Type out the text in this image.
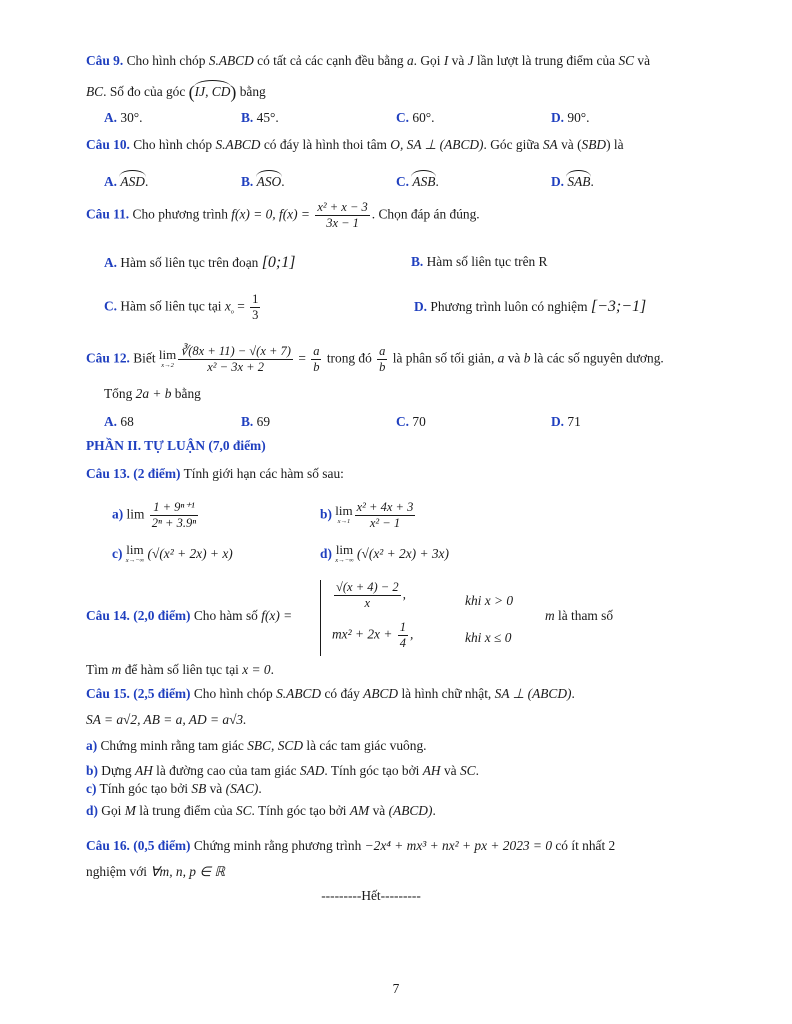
Câu 9. Cho hình chóp S.ABCD có tất cả các cạnh đều bằng a. Gọi I và J lần lượt là trung điểm của SC và
BC. Số đo của góc (IJ, CD) bằng
A. 30°.	B. 45°.	C. 60°.	D. 90°.
Câu 10. Cho hình chóp S.ABCD có đáy là hình thoi tâm O, SA ⊥ (ABCD). Góc giữa SA và (SBD) là
A. ASD.	B. ASO.	C. ASB.	D. SAB.
Câu 11. Cho phương trình f(x) = 0, $f(x) = \frac{\text{x² + x − 3}}{3x - 1}$ . Chọn đáp án đúng.
A. Hàm số liên tục trên đoạn [0;1]	B. Hàm số liên tục trên R
C. Hàm số liên tục tại $x_o = \frac{1}{3}$	D. Phương trình luôn có nghiệm [−3;−1]
Câu 12. Biết lim
$x\to 2 \frac{∛(8x + 11) - √(x + 7)}{\text{x² − 3x + 2}} = \frac{a}{b}$ trong đó $\frac{a}{b}$ là phân số tối giản, a và b là các số nguyên dương.
Tổng 2a + b bằng
A. 68	B. 69	C. 70	D. 71
PHẦN II. TỰ LUẬN (7,0 điểm)
Câu 13. (2 điểm) Tính giới hạn các hàm số sau:
a) $\lim \frac{\text{1 + 9ⁿ⁺¹}}{\text{2ⁿ + 3.9ⁿ}}$	b) lim
$x\to 1 \frac{\text{x² + 4x + 3}}{\text{x² − 1}}$
c) lim
x→−∞ (√(x² + 2x) + x)	d) lim
x→−∞ (√(x² + 2x) + 3x)
Câu 14. (2,0 điểm) Cho hàm số f(x) =
$\frac{√(x + 4) - 2}{x}$ ,	khi x > 0
$mx^2 + 2x + \frac{1}{4}$ ,	khi x ≤ 0
m là tham số
Tìm m để hàm số liên tục tại x = 0.
Câu 15. (2,5 điểm) Cho hình chóp S.ABCD có đáy ABCD là hình chữ nhật, SA ⊥ (ABCD).
SA = a√2, AB = a, AD = a√3.
a) Chứng minh rằng tam giác SBC, SCD là các tam giác vuông.
b) Dựng AH là đường cao của tam giác SAD. Tính góc tạo bởi AH và SC.
c) Tính góc tạo bởi SB và (SAC).
d) Gọi M là trung điểm của SC. Tính góc tạo bởi AM và (ABCD).
Câu 16. (0,5 điểm) Chứng minh rằng phương trình −2x⁴ + mx³ + nx² + px + 2023 = 0 có ít nhất 2
nghiệm với ∀m, n, p ∈ ℝ
---------Hết---------
7
